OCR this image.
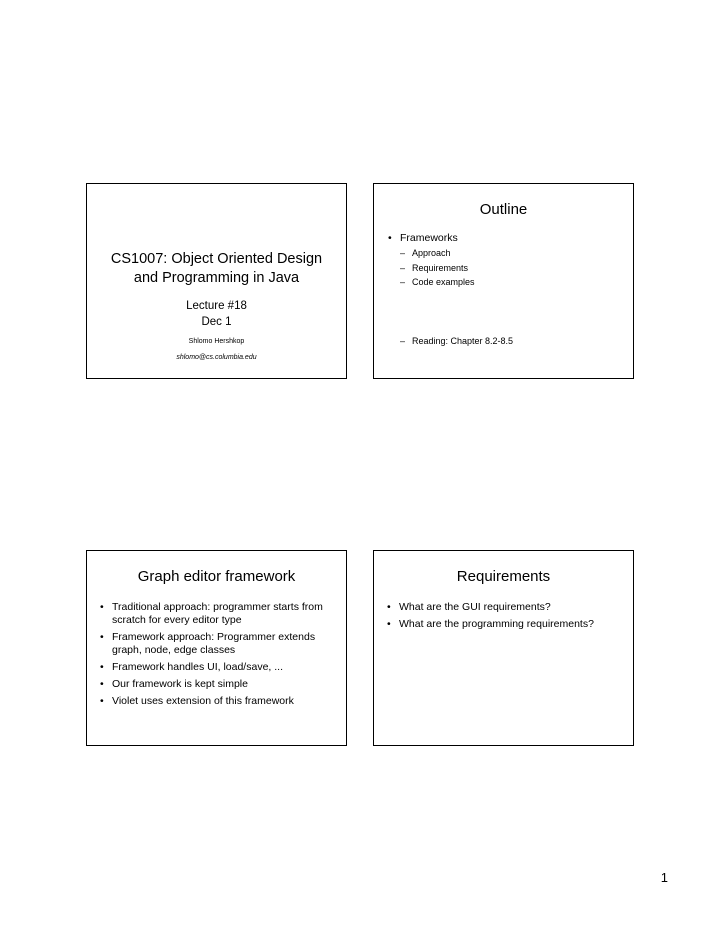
CS1007: Object Oriented Design

and Programming in Java

Lecture #18

Dec 1

Shlomo Hershkop

shlomo@cs.columbia.edu

Outline
• Frameworks
– Approach
– Requirements
– Code examples
– Reading: Chapter 8.2-8.5
Graph editor framework
• Traditional approach: programmer starts from scratch for every editor type
• Framework approach: Programmer extends graph, node, edge classes
• Framework handles UI, load/save, ...
• Our framework is kept simple
• Violet uses extension of this framework
Requirements
• What are the GUI requirements?
• What are the programming requirements?
1
